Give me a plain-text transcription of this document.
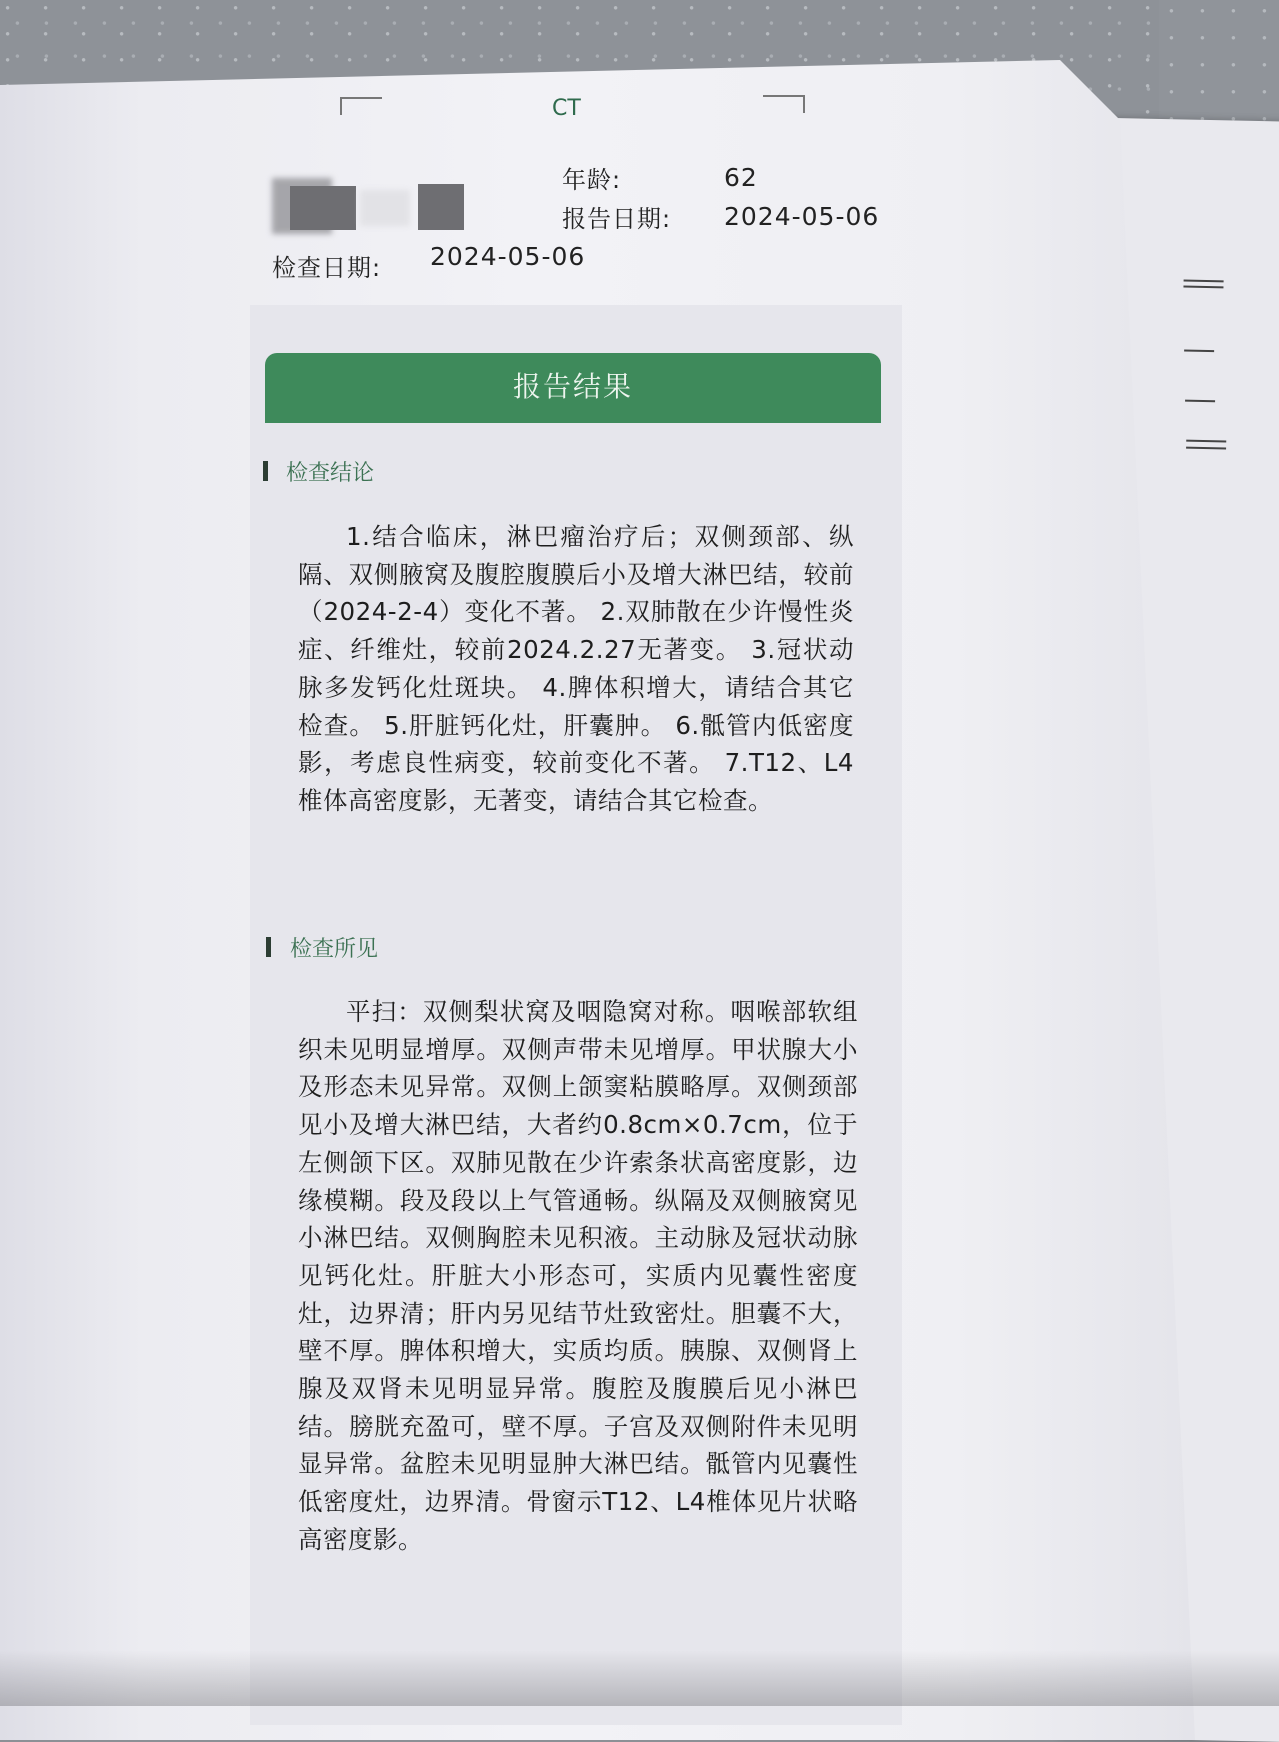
CT
年龄:	62
报告日期: 2024-05-06
检查日期: 2024-05-06
报告结果
检查结论

1.结合临床，淋巴瘤治疗后；双侧颈部、纵隔、双侧腋窝及腹腔腹膜后小及增大淋巴结，较前（2024-2-4）变化不著。 2.双肺散在少许慢性炎症、纤维灶，较前2024.2.27无著变。 3.冠状动脉多发钙化灶斑块。 4.脾体积增大，请结合其它检查。 5.肝脏钙化灶，肝囊肿。 6.骶管内低密度影，考虑良性病变，较前变化不著。 7.T12、L4椎体高密度影，无著变，请结合其它检查。

检查所见

平扫：双侧梨状窝及咽隐窝对称。咽喉部软组织未见明显增厚。双侧声带未见增厚。甲状腺大小及形态未见异常。双侧上颌窦粘膜略厚。双侧颈部见小及增大淋巴结，大者约0.8cm×0.7cm，位于左侧颌下区。双肺见散在少许索条状高密度影，边缘模糊。段及段以上气管通畅。纵隔及双侧腋窝见小淋巴结。双侧胸腔未见积液。主动脉及冠状动脉见钙化灶。肝脏大小形态可，实质内见囊性密度灶，边界清；肝内另见结节灶致密灶。胆囊不大，壁不厚。脾体积增大，实质均质。胰腺、双侧肾上腺及双肾未见明显异常。腹腔及腹膜后见小淋巴结。膀胱充盈可，壁不厚。子宫及双侧附件未见明显异常。盆腔未见明显肿大淋巴结。骶管内见囊性低密度灶，边界清。骨窗示T12、L4椎体见片状略高密度影。
